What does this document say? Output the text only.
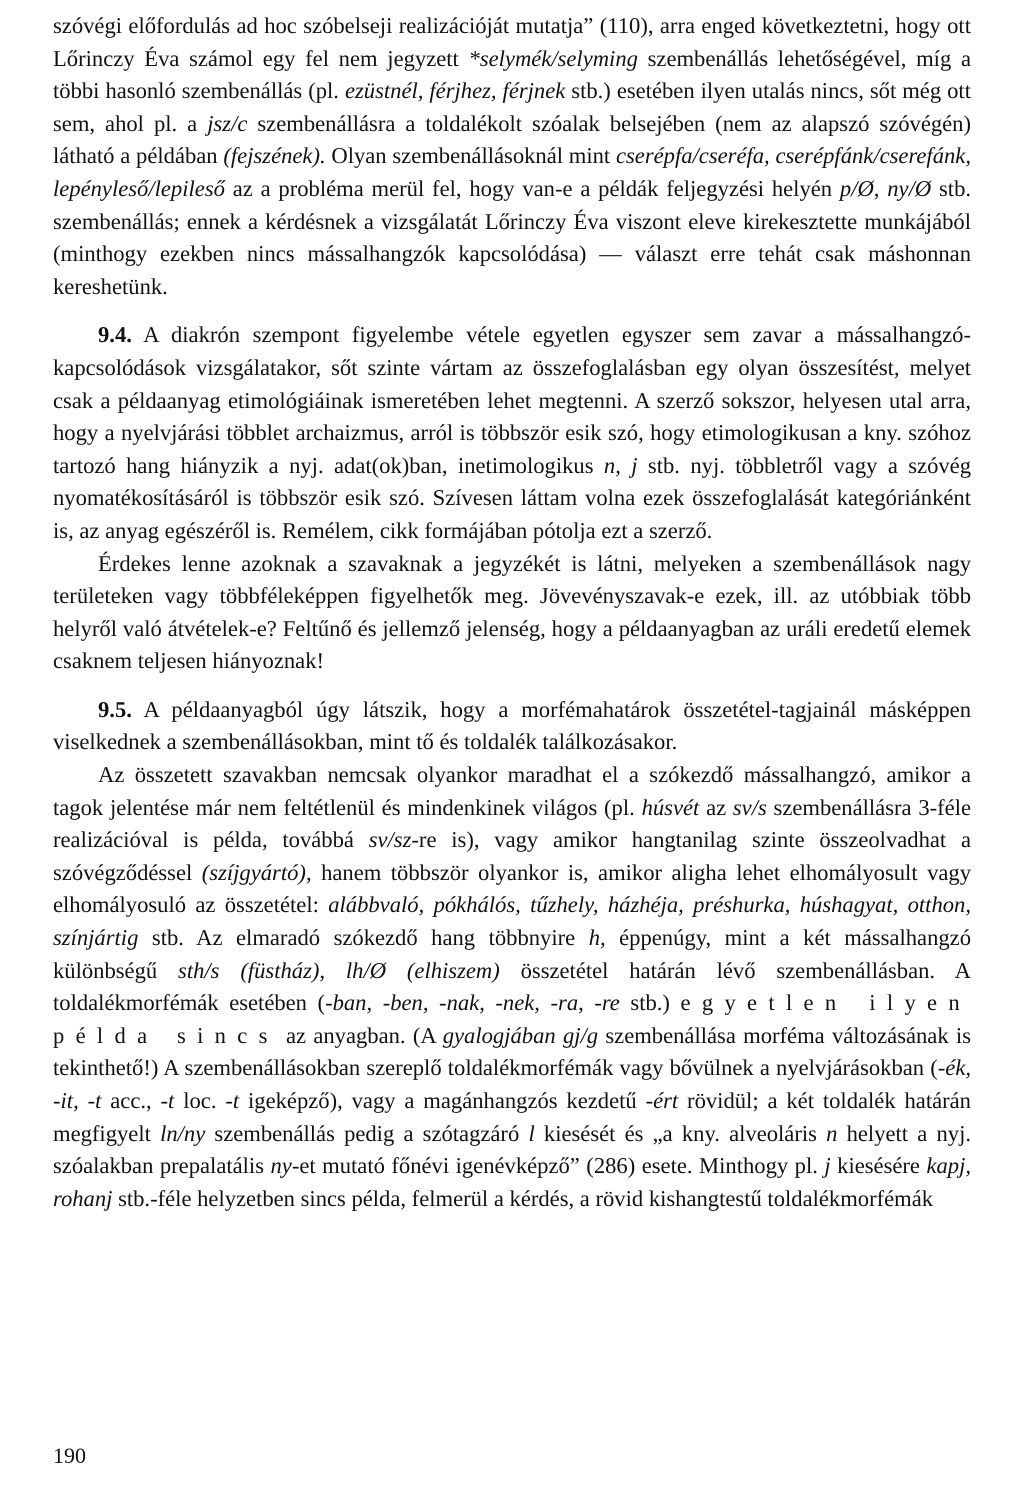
szóvégi előfordulás ad hoc szóbelseji realizációját mutatja” (110), arra enged következtetni, hogy ott Lőrinczy Éva számol egy fel nem jegyzett *selymék/selyming szembenállás lehetőségével, míg a többi hasonló szembenállás (pl. ezüstnél, férjhez, férjnek stb.) esetében ilyen utalás nincs, sőt még ott sem, ahol pl. a jsz/c szembenállásra a toldalékolt szóalak belsejében (nem az alapszó szóvégén) látható a példában (fejszének). Olyan szembenállásoknál mint cserépfa/cseréfa, cserépfánk/cserefánk, lepényleső/lepileső az a probléma merül fel, hogy van-e a példák feljegyzési helyén p/Ø, ny/Ø stb. szembenállás; ennek a kérdésnek a vizsgálatát Lőrinczy Éva viszont eleve kirekesztette munkájából (minthogy ezekben nincs mássalhangzók kapcsolódása) — választ erre tehát csak máshonnan kereshetünk.

9.4. A diakrón szempont figyelembe vétele egyetlen egyszer sem zavar a mássalhangzó-kapcsolódások vizsgálatakor, sőt szinte vártam az összefoglalásban egy olyan összesítést, melyet csak a példaanyag etimológiáinak ismeretében lehet megtenni. A szerző sokszor, helyesen utal arra, hogy a nyelvjárási többlet archaizmus, arról is többször esik szó, hogy etimologikusan a kny. szóhoz tartozó hang hiányzik a nyj. adat(ok)ban, inetimologikus n, j stb. nyj. többletről vagy a szóvég nyomatékosításáról is többször esik szó. Szívesen láttam volna ezek összefoglalását kategóriánként is, az anyag egészéről is. Remélem, cikk formájában pótolja ezt a szerző.

Érdekes lenne azoknak a szavaknak a jegyzékét is látni, melyeken a szembenállások nagy területeken vagy többféleképpen figyelhetők meg. Jövevényszavak-e ezek, ill. az utóbbiak több helyről való átvételek-e? Feltűnő és jellemző jelenség, hogy a példaanyagban az uráli eredetű elemek csaknem teljesen hiányoznak!

9.5. A példaanyagból úgy látszik, hogy a morfémahatárok összetétel-tagjainál másképpen viselkednek a szembenállásokban, mint tő és toldalék találkozásakor.

Az összetett szavakban nemcsak olyankor maradhat el a szókezdő mássalhangzó, amikor a tagok jelentése már nem feltétlenül és mindenkinek világos (pl. húsvét az sv/s szembenállásra 3-féle realizációval is példa, továbbá sv/sz-re is), vagy amikor hangtanilag szinte összeolvadhat a szóvégződéssel (szíjgyártó), hanem többször olyankor is, amikor aligha lehet elhomályosult vagy elhomályosuló az összetétel: alábbvaló, pókhálós, tűzhely, házhéja, préshurka, húshagyat, otthon, színjártig stb. Az elmaradó szókezdő hang többnyire h, éppenúgy, mint a két mássalhangzó különbségű sth/s (füstház), lh/Ø (elhiszem) összetétel határán lévő szembenállásban. A toldalékmorfémák esetében (-ban, -ben, -nak, -nek, -ra, -re stb.) egyetlen ilyen példa sincs az anyagban. (A gyalogjában gj/g szembenállása morféma változásának is tekinthető!) A szembenállásokban szereplő toldalékmorfémák vagy bővülnek a nyelvjárásokban (-ék, -it, -t acc., -t loc. -t igeképző), vagy a magánhangzós kezdetű -ért rövidül; a két toldalék határán megfigyelt ln/ny szembenállás pedig a szótagzáró l kiesését és „a kny. alveoláris n helyett a nyj. szóalakban prepalatális ny-et mutató főnévi igenévképző” (286) esete. Minthogy pl. j kiesésére kapj, rohanj stb.-féle helyzetben sincs példa, felmerül a kérdés, a rövid kishangtestű toldalékmorfémák

190
